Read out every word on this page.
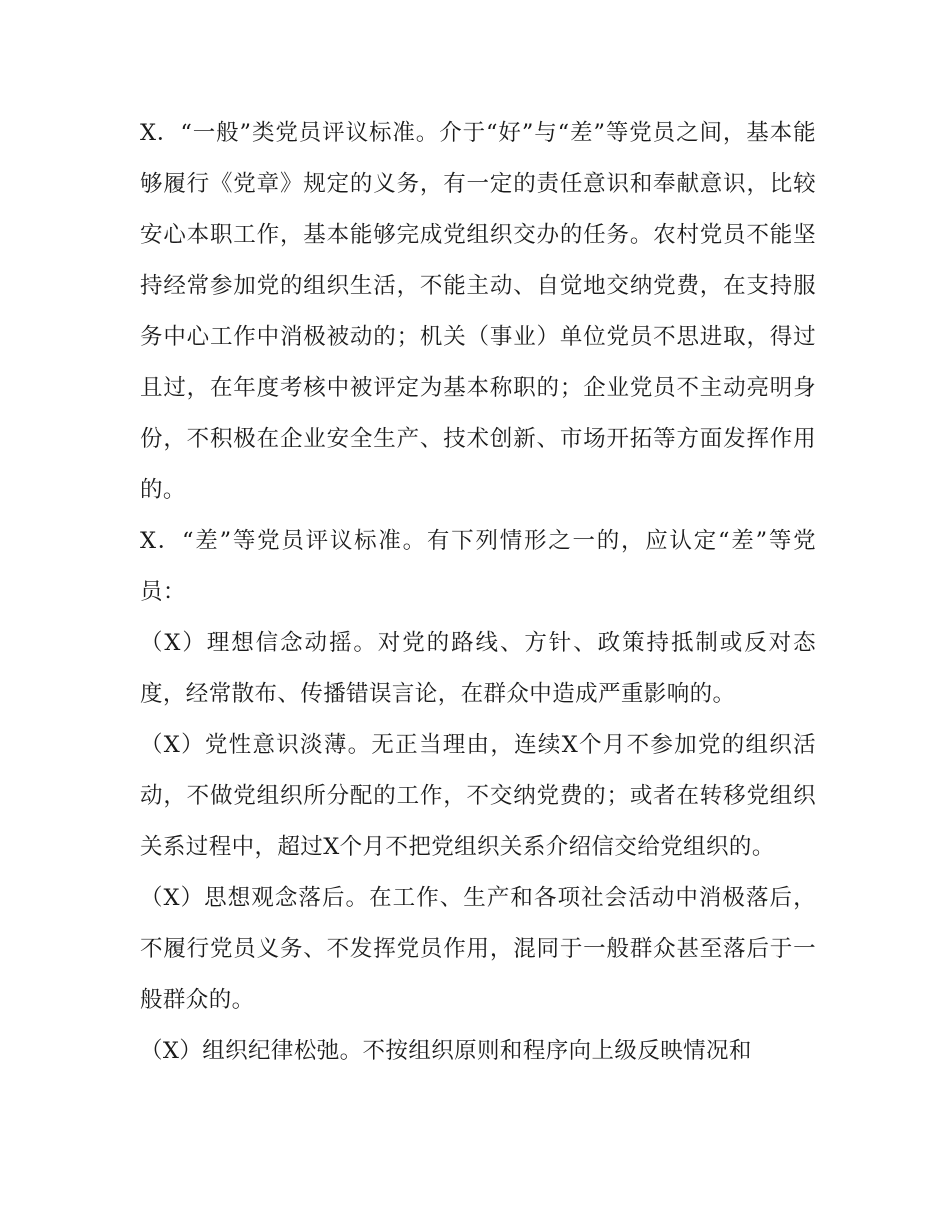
X．“一般”类党员评议标准。介于“好”与“差”等党员之间，基本能够履行《党章》规定的义务，有一定的责任意识和奉献意识，比较安心本职工作，基本能够完成党组织交办的任务。农村党员不能坚持经常参加党的组织生活，不能主动、自觉地交纳党费，在支持服务中心工作中消极被动的；机关（事业）单位党员不思进取，得过且过，在年度考核中被评定为基本称职的；企业党员不主动亮明身份，不积极在企业安全生产、技术创新、市场开拓等方面发挥作用的。

X．“差”等党员评议标准。有下列情形之一的，应认定“差”等党员：

（X）理想信念动摇。对党的路线、方针、政策持抵制或反对态度，经常散布、传播错误言论，在群众中造成严重影响的。

（X）党性意识淡薄。无正当理由，连续X个月不参加党的组织活动，不做党组织所分配的工作，不交纳党费的；或者在转移党组织关系过程中，超过X个月不把党组织关系介绍信交给党组织的。

（X）思想观念落后。在工作、生产和各项社会活动中消极落后，不履行党员义务、不发挥党员作用，混同于一般群众甚至落后于一般群众的。

（X）组织纪律松弛。不按组织原则和程序向上级反映情况和
